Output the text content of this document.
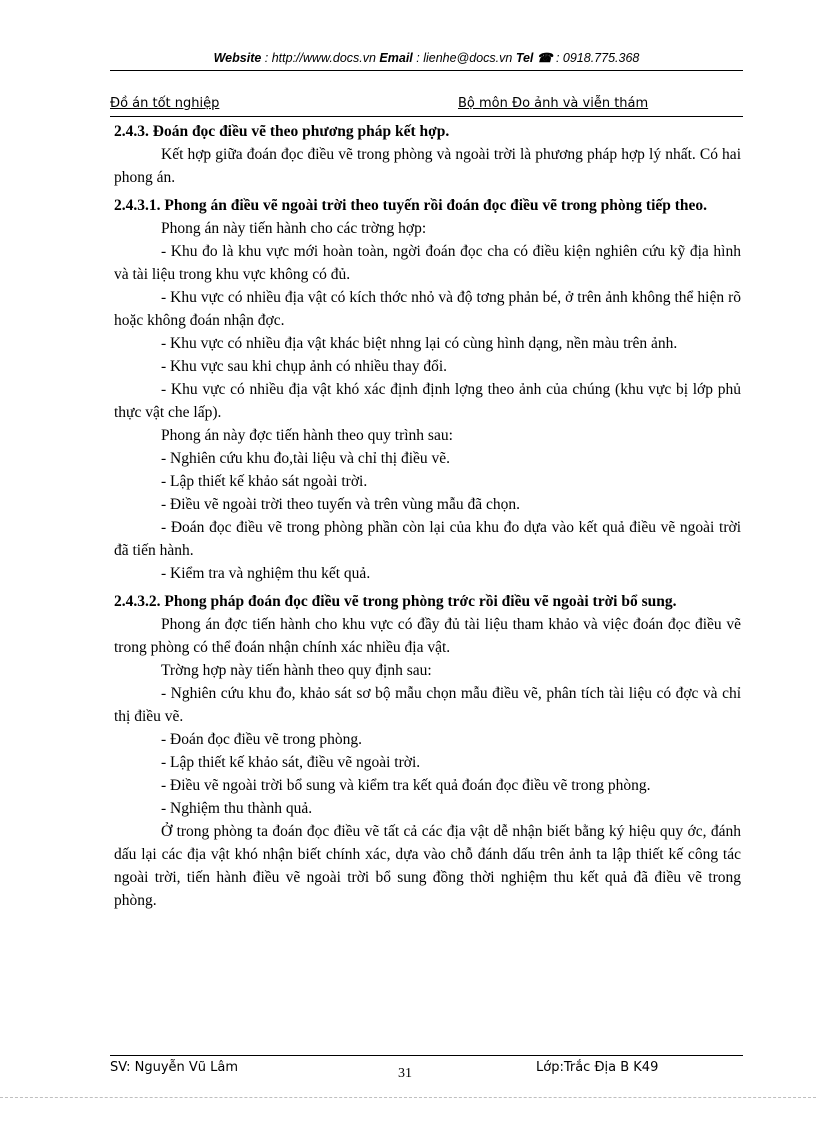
Website : http://www.docs.vn Email : lienhe@docs.vn Tel ☎ : 0918.775.368
Đồ án tốt nghiệp	Bộ môn Đo ảnh và viễn thám

2.4.3. Đoán đọc điều vẽ theo phương pháp kết hợp.

Kết hợp giữa đoán đọc điều vẽ trong phòng và ngoài trời là phương pháp hợp lý nhất. Có hai phong án.

2.4.3.1. Phong án điều vẽ ngoài trời theo tuyến rồi đoán đọc điều vẽ trong phòng tiếp theo.

Phong án này tiến hành cho các trờng hợp:

- Khu đo là khu vực mới hoàn toàn, ngời đoán đọc cha có điều kiện nghiên cứu kỹ địa hình và tài liệu trong khu vực không có đủ.

- Khu vực có nhiều địa vật có kích thớc nhỏ và độ tơng phản bé, ở trên ảnh không thể hiện rõ hoặc không đoán nhận đợc.

- Khu vực có nhiều địa vật khác biệt nhng lại có cùng hình dạng, nền màu trên ảnh.

- Khu vực sau khi chụp ảnh có nhiều thay đổi.

- Khu vực có nhiều địa vật khó xác định định lợng theo ảnh của chúng (khu vực bị lớp phủ thực vật che lấp).

Phong án này đợc tiến hành theo quy trình sau:

- Nghiên cứu khu đo,tài liệu và chỉ thị điều vẽ.

- Lập thiết kế khảo sát ngoài trời.

- Điều vẽ ngoài trời theo tuyến và trên vùng mẫu đã chọn.

- Đoán đọc điều vẽ trong phòng phần còn lại của khu đo dựa vào kết quả điều vẽ ngoài trời đã tiến hành.

- Kiểm tra và nghiệm thu kết quả.

2.4.3.2. Phong pháp đoán đọc điều vẽ trong phòng trớc rồi điều vẽ ngoài trời bổ sung.

Phong án đợc tiến hành cho khu vực có đầy đủ tài liệu tham khảo và việc đoán đọc điều vẽ trong phòng có thể đoán nhận chính xác nhiều địa vật.

Trờng hợp này tiến hành theo quy định sau:

- Nghiên cứu khu đo, khảo sát sơ bộ mẫu chọn mẫu điều vẽ, phân tích tài liệu có đợc và chỉ thị điều vẽ.

- Đoán đọc điều vẽ trong phòng.

- Lập thiết kế khảo sát, điều vẽ ngoài trời.

- Điều vẽ ngoài trời bổ sung và kiểm tra kết quả đoán đọc điều vẽ trong phòng.

- Nghiệm thu thành quả.

Ở trong phòng ta đoán đọc điều vẽ tất cả các địa vật dễ nhận biết bằng ký hiệu quy ớc, đánh dấu lại các địa vật khó nhận biết chính xác, dựa vào chỗ đánh dấu trên ảnh ta lập thiết kế công tác ngoài trời, tiến hành điều vẽ ngoài trời bổ sung đồng thời nghiệm thu kết quả đã điều vẽ trong phòng.

SV: Nguyễn Vũ Lâm	31	Lớp:Trắc Địa B K49
